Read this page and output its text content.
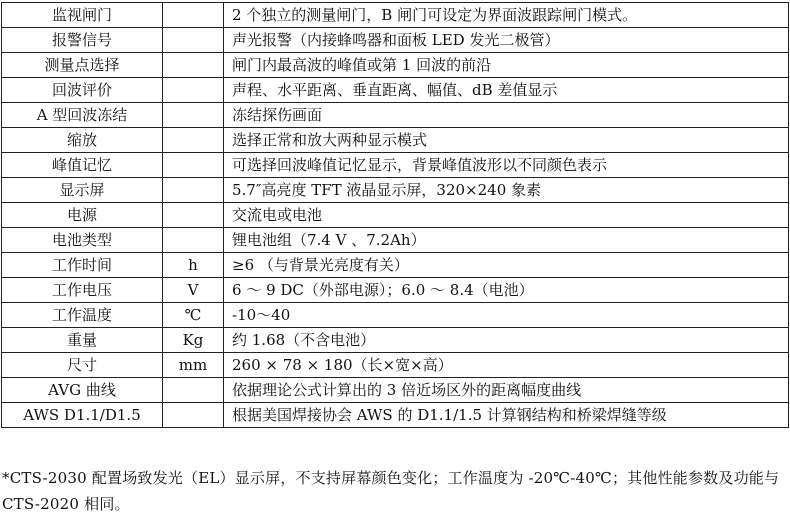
监视闸门		2 个独立的测量闸门，B 闸门可设定为界面波跟踪闸门模式。
报警信号		声光报警（内接蜂鸣器和面板 LED 发光二极管）
测量点选择		闸门内最高波的峰值或第 1 回波的前沿
回波评价		声程、水平距离、垂直距离、幅值、dB 差值显示
A 型回波冻结		冻结探伤画面
缩放		选择正常和放大两种显示模式
峰值记忆		可选择回波峰值记忆显示，背景峰值波形以不同颜色表示
显示屏		5.7″高亮度 TFT 液晶显示屏，320×240 象素
电源		交流电或电池
电池类型		锂电池组（7.4 V 、7.2Ah）
工作时间	h	≥6 （与背景光亮度有关）
工作电压	V	6 ～ 9 DC（外部电源）；6.0 ～ 8.4（电池）
工作温度	℃	-10～40
重量	Kg	约 1.68（不含电池）
尺寸	mm	260 × 78 × 180（长×宽×高）
AVG 曲线		依据理论公式计算出的 3 倍近场区外的距离幅度曲线
AWS D1.1/D1.5		根据美国焊接协会 AWS 的 D1.1/1.5 计算钢结构和桥梁焊缝等级
*CTS-2030 配置场致发光（EL）显示屏，不支持屏幕颜色变化；工作温度为 -20℃-40℃；其他性能参数及功能与 CTS-2020 相同。
